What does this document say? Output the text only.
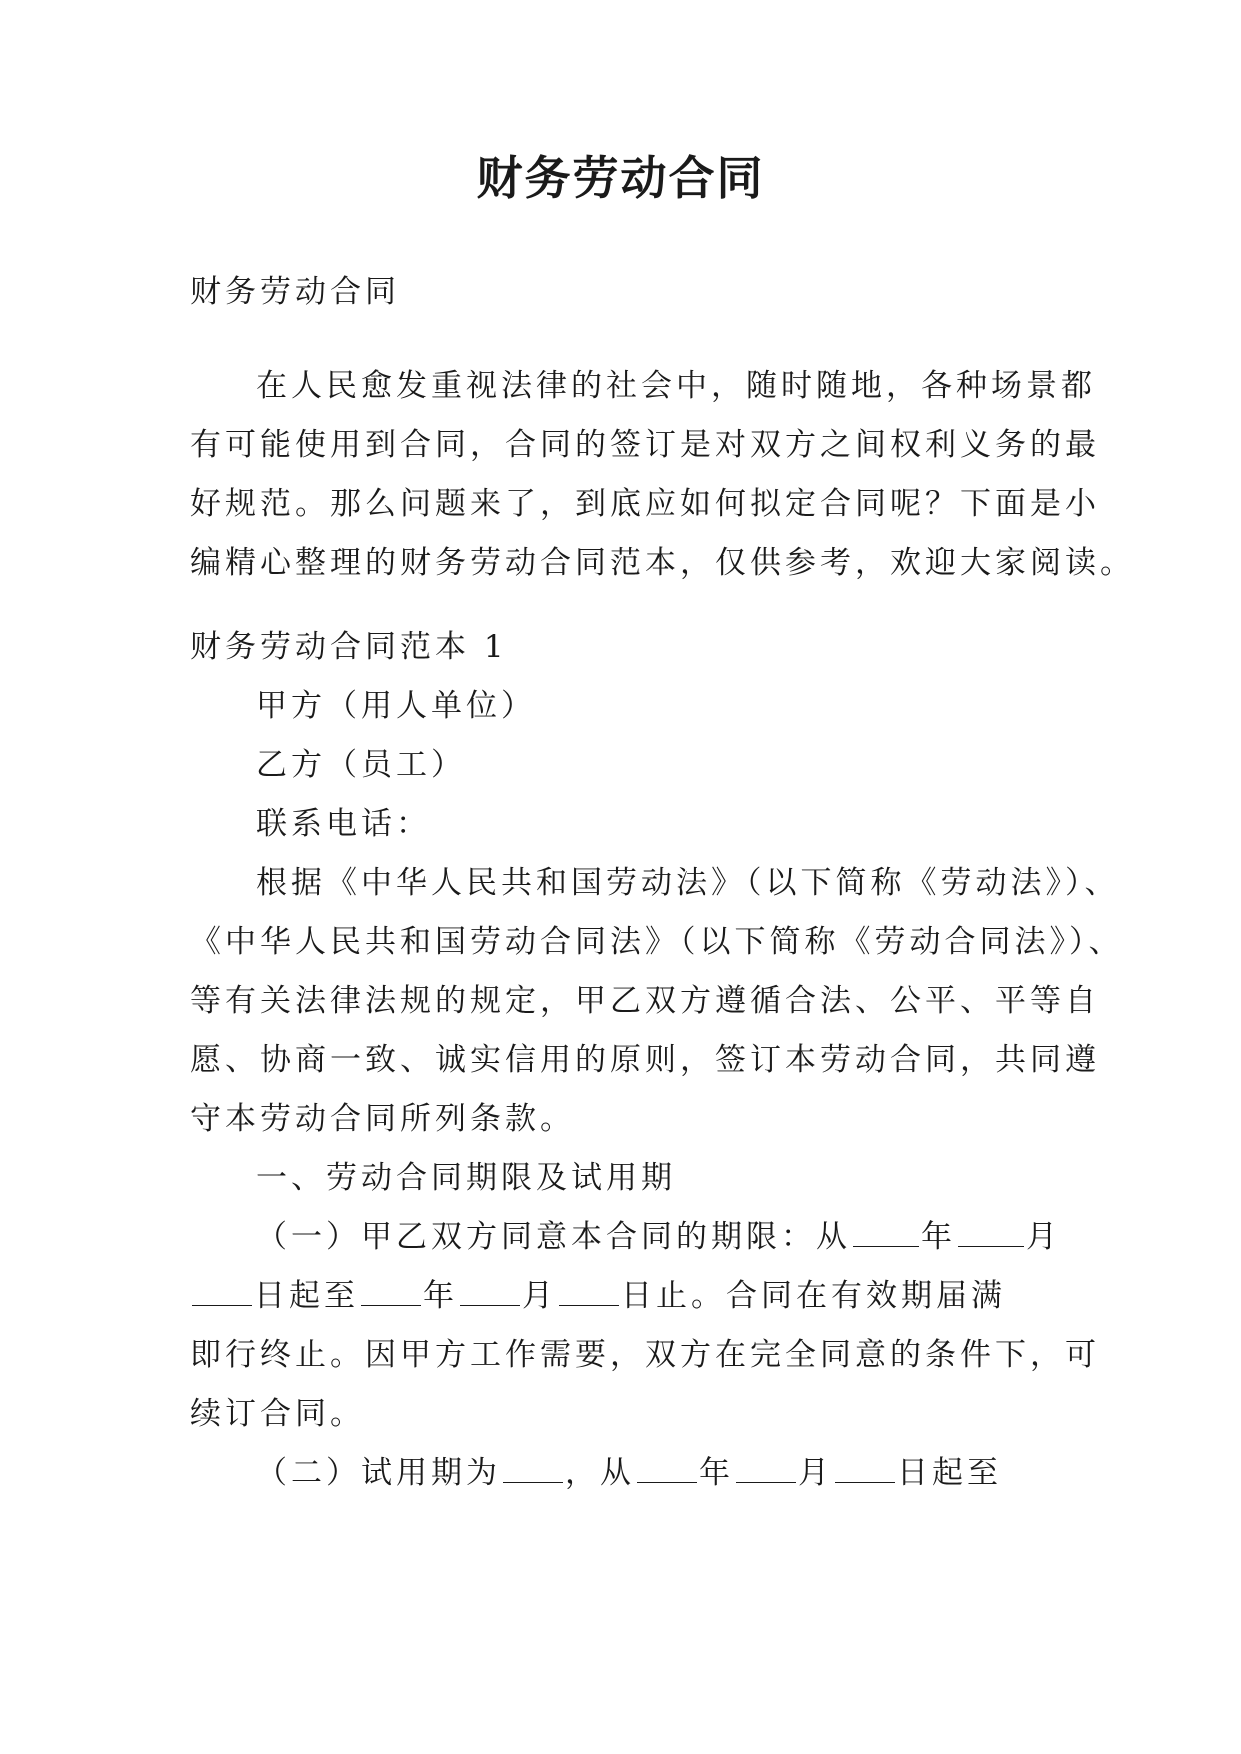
财务劳动合同
财务劳动合同
在人民愈发重视法律的社会中，随时随地，各种场景都
有可能使用到合同，合同的签订是对双方之间权利义务的最
好规范。那么问题来了，到底应如何拟定合同呢？下面是小
编精心整理的财务劳动合同范本，仅供参考，欢迎大家阅读。
财务劳动合同范本 1
甲方（用人单位）
乙方（员工）
联系电话：
根据《中华人民共和国劳动法》（以下简称《劳动法》）、
《中华人民共和国劳动合同法》（以下简称《劳动合同法》）、
等有关法律法规的规定，甲乙双方遵循合法、公平、平等自
愿、协商一致、诚实信用的原则，签订本劳动合同，共同遵
守本劳动合同所列条款。
一、劳动合同期限及试用期
（一）甲乙双方同意本合同的期限：从 年 月
日起至 年 月 日止。合同在有效期届满
即行终止。因甲方工作需要，双方在完全同意的条件下，可
续订合同。
（二）试用期为 ，从 年 月 日起至
